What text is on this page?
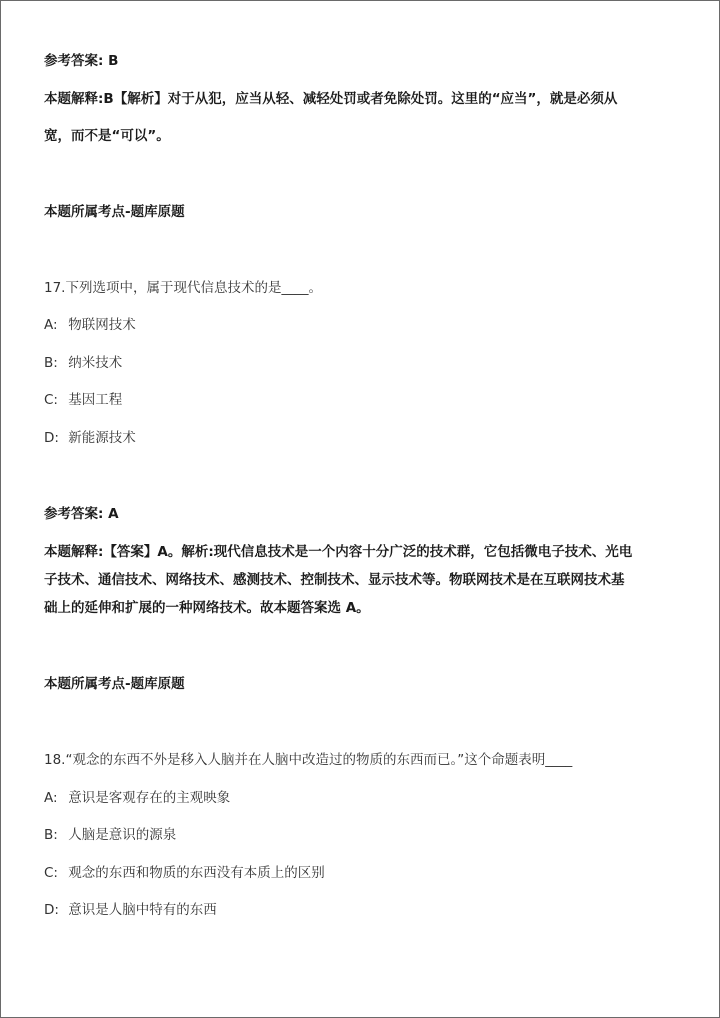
参考答案: B
本题解释:B【解析】对于从犯，应当从轻、减轻处罚或者免除处罚。这里的“应当”，就是必须从
宽，而不是“可以”。
本题所属考点-题库原题
17.下列选项中，属于现代信息技术的是____。
A: 物联网技术
B: 纳米技术
C: 基因工程
D: 新能源技术
参考答案: A
本题解释:【答案】A。解析:现代信息技术是一个内容十分广泛的技术群，它包括微电子技术、光电
子技术、通信技术、网络技术、感测技术、控制技术、显示技术等。物联网技术是在互联网技术基
础上的延伸和扩展的一种网络技术。故本题答案选 A。
本题所属考点-题库原题
18.“观念的东西不外是移入人脑并在人脑中改造过的物质的东西而已。”这个命题表明____
A: 意识是客观存在的主观映象
B: 人脑是意识的源泉
C: 观念的东西和物质的东西没有本质上的区别
D: 意识是人脑中特有的东西
